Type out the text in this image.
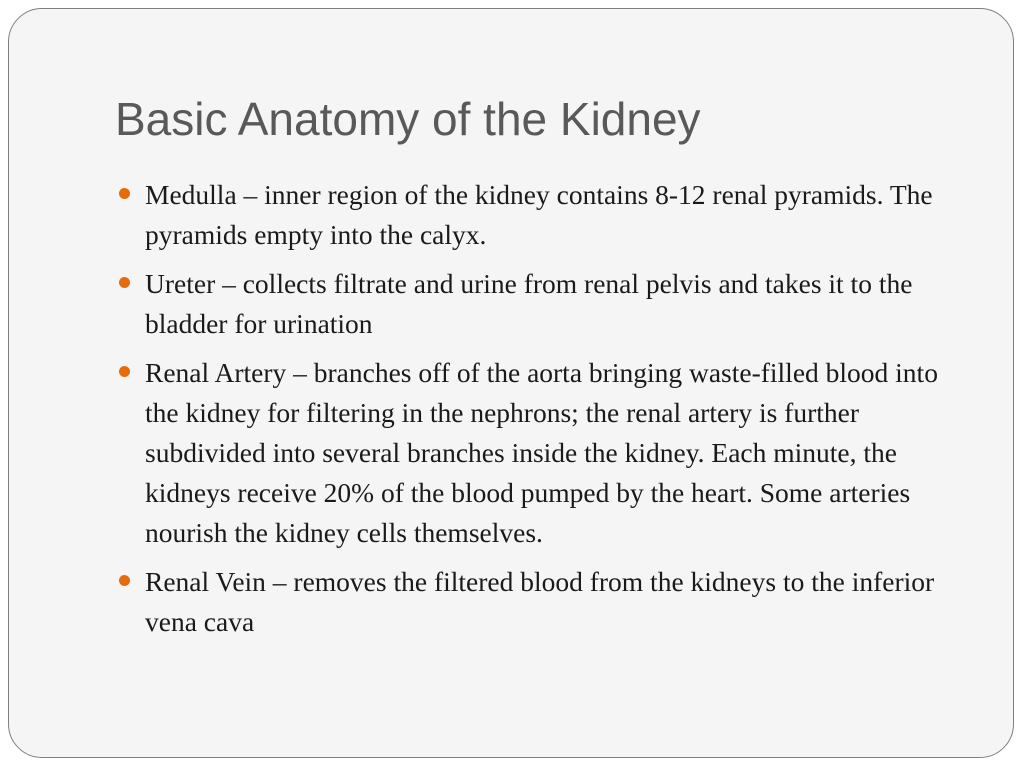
Basic Anatomy of the Kidney
Medulla – inner region of the kidney contains 8-12 renal pyramids. The pyramids empty into the calyx.
Ureter – collects filtrate and urine from renal pelvis and takes it to the bladder for urination
Renal Artery – branches off of the aorta bringing waste-filled blood into the kidney for filtering in the nephrons; the renal artery is further subdivided into several branches inside the kidney. Each minute, the kidneys receive 20% of the blood pumped by the heart. Some arteries nourish the kidney cells themselves.
Renal Vein – removes the filtered blood from the kidneys to the inferior vena cava
